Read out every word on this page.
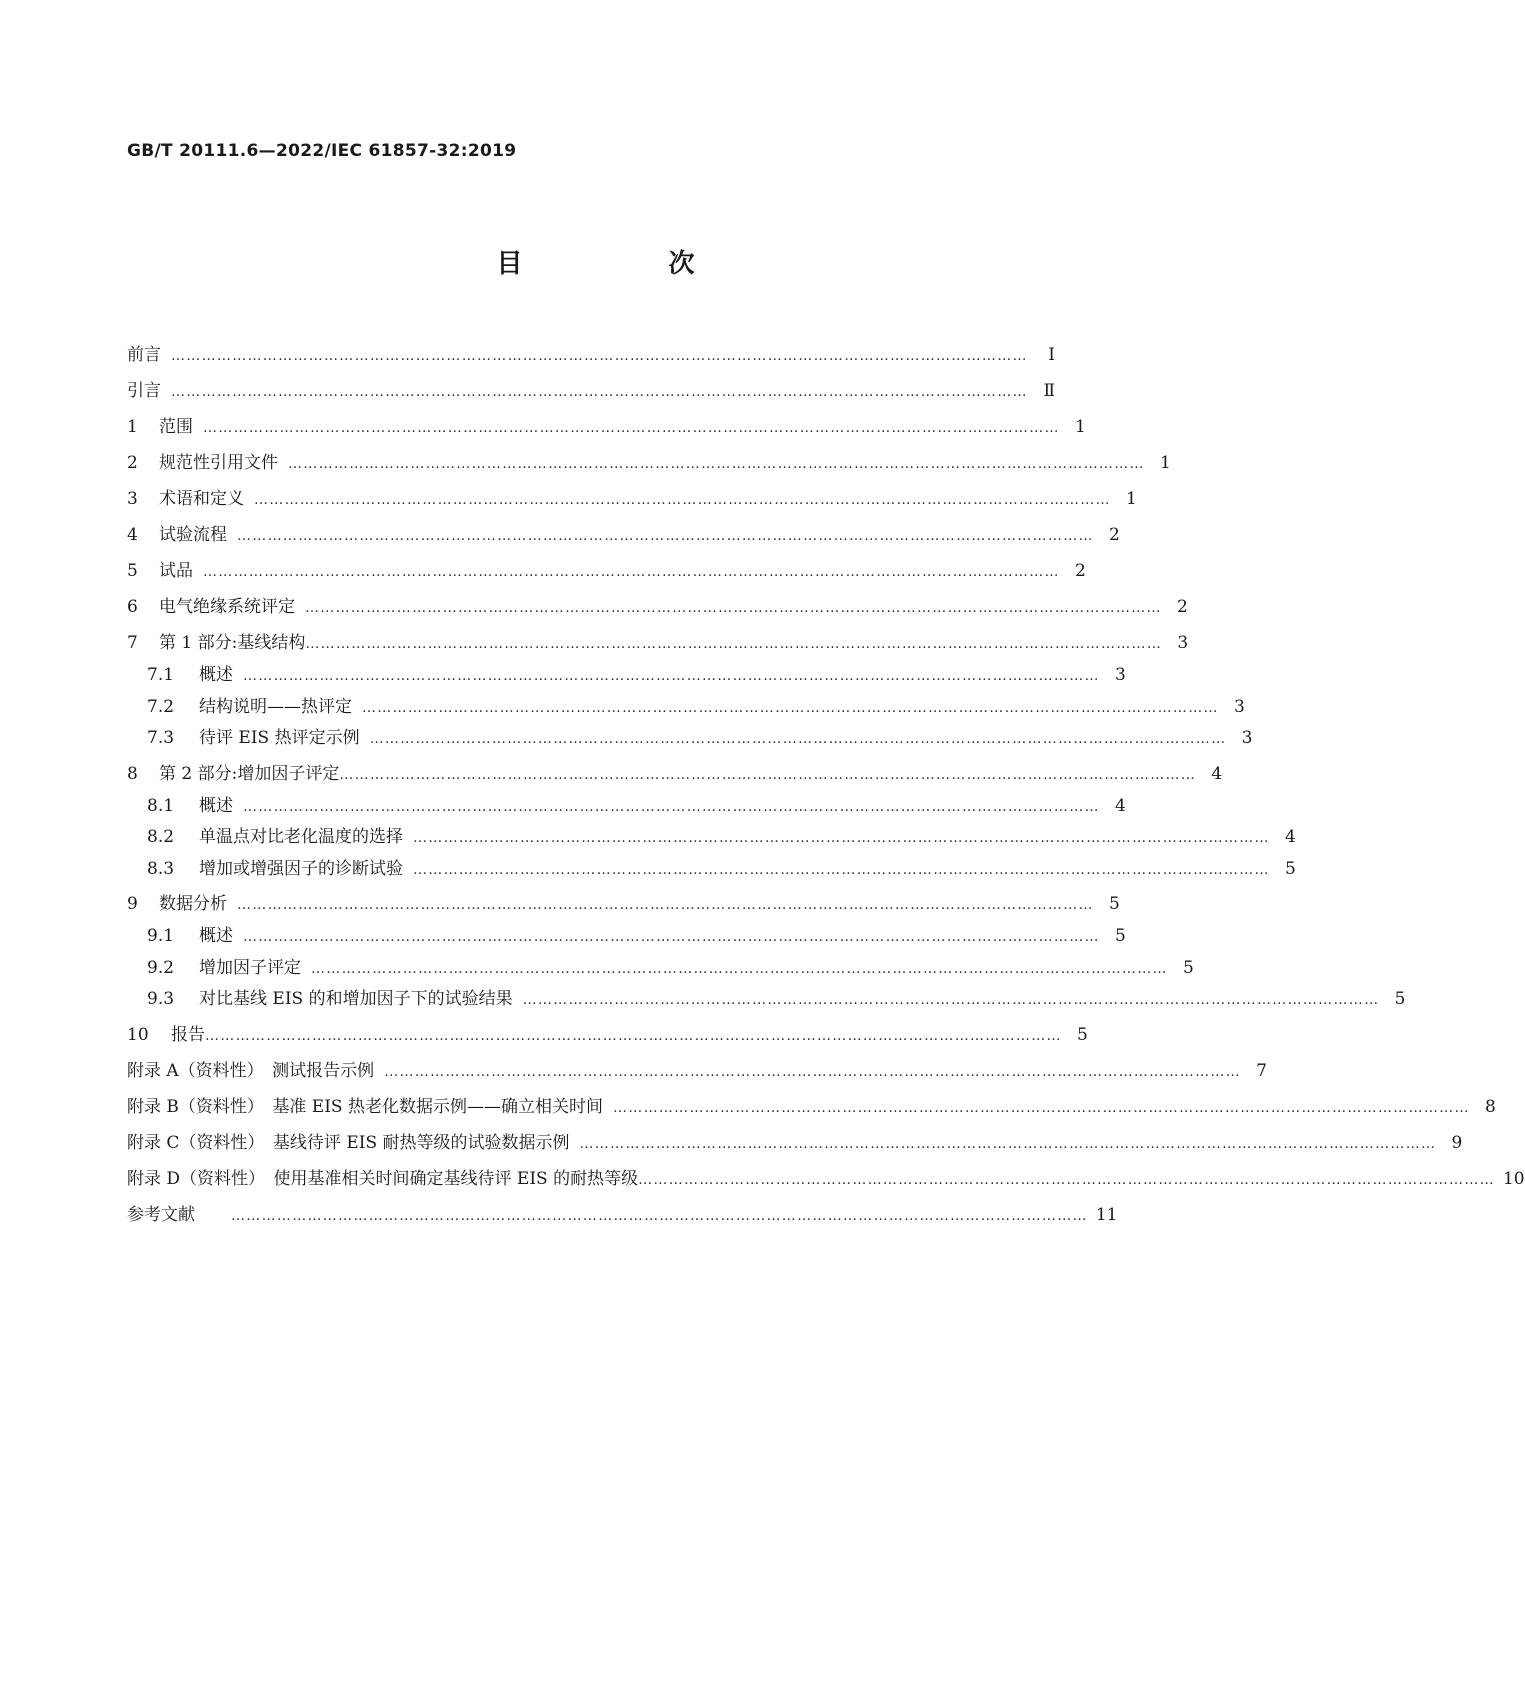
GB/T 20111.6—2022/IEC 61857-32:2019
目　次
前言 ……………………………………………………………………………………………………………………………………………………	Ⅰ
引言 …………………………………………………………………………………………………………………………………………………… Ⅱ
1	范围 …………………………………………………………………………………………………………………………………………………… 1
2	规范性引用文件 …………………………………………………………………………………………………………………………………………………… 1
3	术语和定义 …………………………………………………………………………………………………………………………………………………… 1
4	试验流程 …………………………………………………………………………………………………………………………………………………… 2
5	试品 …………………………………………………………………………………………………………………………………………………… 2
6	电气绝缘系统评定 …………………………………………………………………………………………………………………………………………………… 2
7	第 1 部分:基线结构 …………………………………………………………………………………………………………………………………………………… 3
7.1	概述 …………………………………………………………………………………………………………………………………………………… 3
7.2	结构说明——热评定 …………………………………………………………………………………………………………………………………………………… 3
7.3	待评 EIS 热评定示例 …………………………………………………………………………………………………………………………………………………… 3
8	第 2 部分:增加因子评定 …………………………………………………………………………………………………………………………………………………… 4
8.1	概述 …………………………………………………………………………………………………………………………………………………… 4
8.2	单温点对比老化温度的选择 …………………………………………………………………………………………………………………………………………………… 4
8.3	增加或增强因子的诊断试验 …………………………………………………………………………………………………………………………………………………… 5
9	数据分析 …………………………………………………………………………………………………………………………………………………… 5
9.1	概述 …………………………………………………………………………………………………………………………………………………… 5
9.2	增加因子评定 …………………………………………………………………………………………………………………………………………………… 5
9.3	对比基线 EIS 的和增加因子下的试验结果 …………………………………………………………………………………………………………………………………………………… 5
10	报告 …………………………………………………………………………………………………………………………………………………… 5
附录 A（资料性）　测试报告示例 …………………………………………………………………………………………………………………………………………………… 7
附录 B（资料性）　基准 EIS 热老化数据示例——确立相关时间 …………………………………………………………………………………………………………………………………………………… 8
附录 C（资料性）　基线待评 EIS 耐热等级的试验数据示例 …………………………………………………………………………………………………………………………………………………… 9
附录 D（资料性）　使用基准相关时间确定基线待评 EIS 的耐热等级 …………………………………………………………………………………………………………………………………………………… 10
参考文献	…………………………………………………………………………………………………………………………………………………… 11
